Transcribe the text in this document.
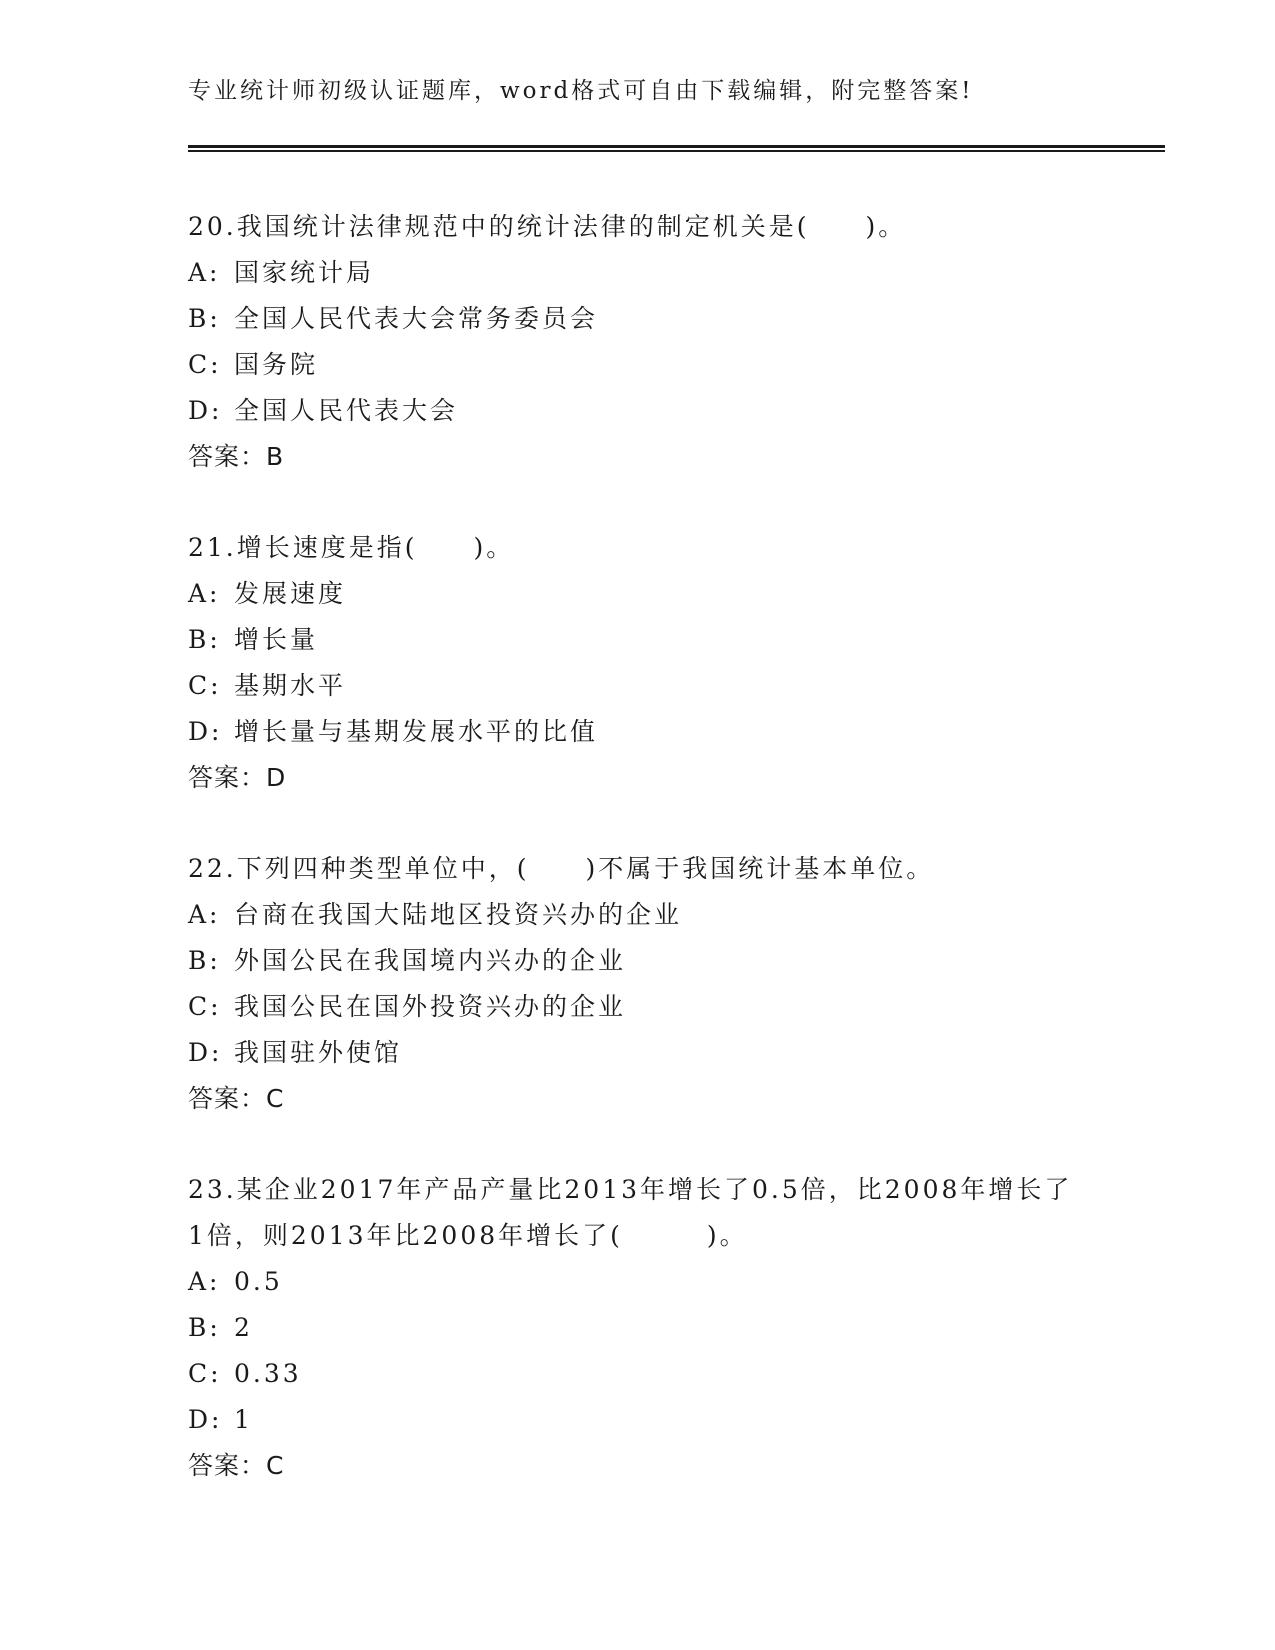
专业统计师初级认证题库，word格式可自由下载编辑，附完整答案!

20.我国统计法律规范中的统计法律的制定机关是(　　)。

A: 国家统计局

B: 全国人民代表大会常务委员会

C: 国务院

D: 全国人民代表大会

答案：B

21.增长速度是指(　　)。

A: 发展速度

B: 增长量

C: 基期水平

D: 增长量与基期发展水平的比值

答案：D

22.下列四种类型单位中，(　　)不属于我国统计基本单位。

A: 台商在我国大陆地区投资兴办的企业

B: 外国公民在我国境内兴办的企业

C: 我国公民在国外投资兴办的企业

D: 我国驻外使馆

答案：C

23.某企业2017年产品产量比2013年增长了0.5倍，比2008年增长了1倍，则2013年比2008年增长了(　　　)。

A: 0.5

B: 2

C: 0.33

D: 1

答案：C
